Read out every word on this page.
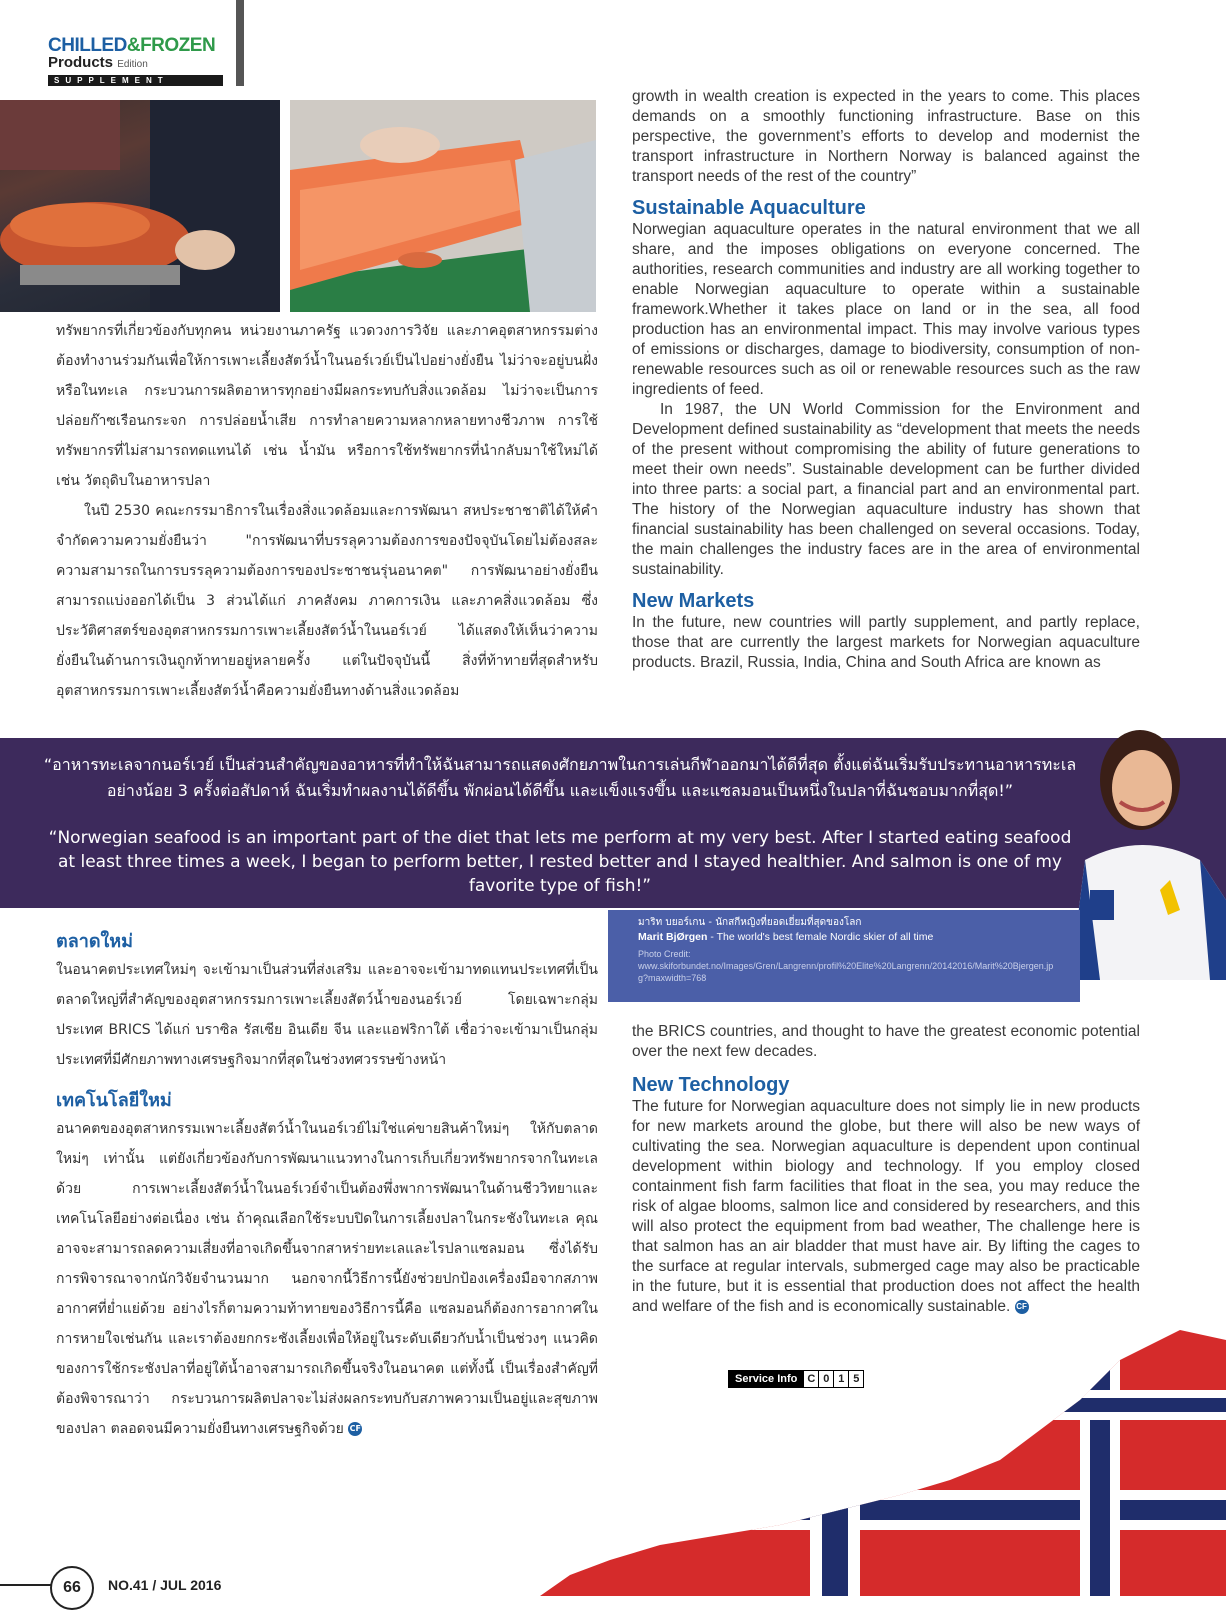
CHILLED&FROZEN
Products Edition
SUPPLEMENT

ทรัพยากรที่เกี่ยวข้องกับทุกคน หน่วยงานภาครัฐ แวดวงการวิจัย และภาคอุตสาหกรรมต่างต้องทำงานร่วมกันเพื่อให้การเพาะเลี้ยงสัตว์น้ำในนอร์เวย์เป็นไปอย่างยั่งยืน ไม่ว่าจะอยู่บนฝั่งหรือในทะเล กระบวนการผลิตอาหารทุกอย่างมีผลกระทบกับสิ่งแวดล้อม ไม่ว่าจะเป็นการปล่อยก๊าซเรือนกระจก การปล่อยน้ำเสีย การทำลายความหลากหลายทางชีวภาพ การใช้ทรัพยากรที่ไม่สามารถทดแทนได้ เช่น น้ำมัน หรือการใช้ทรัพยากรที่นำกลับมาใช้ใหม่ได้ เช่น วัตถุดิบในอาหารปลา

ในปี 2530 คณะกรรมาธิการในเรื่องสิ่งแวดล้อมและการพัฒนา สหประชาชาติได้ให้คำจำกัดความความยั่งยืนว่า "การพัฒนาที่บรรลุความต้องการของปัจจุบันโดยไม่ต้องสละความสามารถในการบรรลุความต้องการของประชาชนรุ่นอนาคต" การพัฒนาอย่างยั่งยืนสามารถแบ่งออกได้เป็น 3 ส่วนได้แก่ ภาคสังคม ภาคการเงิน และภาคสิ่งแวดล้อม ซึ่งประวัติศาสตร์ของอุตสาหกรรมการเพาะเลี้ยงสัตว์น้ำในนอร์เวย์ ได้แสดงให้เห็นว่าความยั่งยืนในด้านการเงินถูกท้าทายอยู่หลายครั้ง แต่ในปัจจุบันนี้ สิ่งที่ท้าทายที่สุดสำหรับอุตสาหกรรมการเพาะเลี้ยงสัตว์น้ำคือความยั่งยืนทางด้านสิ่งแวดล้อม

growth in wealth creation is expected in the years to come. This places demands on a smoothly functioning infrastructure. Base on this perspective, the government’s efforts to develop and modernist the transport infrastructure in Northern Norway is balanced against the transport needs of the rest of the country”

Sustainable Aquaculture

Norwegian aquaculture operates in the natural environment that we all share, and the imposes obligations on everyone concerned. The authorities, research communities and industry are all working together to enable Norwegian aquaculture to operate within a sustainable framework.Whether it takes place on land or in the sea, all food production has an environmental impact. This may involve various types of emissions or discharges, damage to biodiversity, consumption of non-renewable resources such as oil or renewable resources such as the raw ingredients of feed.

In 1987, the UN World Commission for the Environment and Development defined sustainability as “development that meets the needs of the present without compromising the ability of future generations to meet their own needs”. Sustainable development can be further divided into three parts: a social part, a financial part and an environmental part. The history of the Norwegian aquaculture industry has shown that financial sustainability has been challenged on several occasions. Today, the main challenges the industry faces are in the area of environmental sustainability.

New Markets

In the future, new countries will partly supplement, and partly replace, those that are currently the largest markets for Norwegian aquaculture products. Brazil, Russia, India, China and South Africa are known as

“อาหารทะเลจากนอร์เวย์ เป็นส่วนสำคัญของอาหารที่ทำให้ฉันสามารถแสดงศักยภาพในการเล่นกีฬาออกมาได้ดีที่สุด ตั้งแต่ฉันเริ่มรับประทานอาหารทะเลอย่างน้อย 3 ครั้งต่อสัปดาห์ ฉันเริ่มทำผลงานได้ดีขึ้น พักผ่อนได้ดีขึ้น และแข็งแรงขึ้น และแซลมอนเป็นหนึ่งในปลาที่ฉันชอบมากที่สุด!”
“Norwegian seafood is an important part of the diet that lets me perform at my very best. After I started eating seafood at least three times a week, I began to perform better, I rested better and I stayed healthier. And salmon is one of my favorite type of fish!”
มาริท บยอร์เกน - นักสกีหญิงที่ยอดเยี่ยมที่สุดของโลก
Marit BjØrgen - The world's best female Nordic skier of all time
Photo Credit:
www.skiforbundet.no/Images/Gren/Langrenn/profil%20Elite%20Langrenn/20142016/Marit%20Bjergen.jpg?maxwidth=768
ตลาดใหม่

ในอนาคตประเทศใหม่ๆ จะเข้ามาเป็นส่วนที่ส่งเสริม และอาจจะเข้ามาทดแทนประเทศที่เป็นตลาดใหญ่ที่สำคัญของอุตสาหกรรมการเพาะเลี้ยงสัตว์น้ำของนอร์เวย์ โดยเฉพาะกลุ่มประเทศ BRICS ได้แก่ บราซิล รัสเซีย อินเดีย จีน และแอฟริกาใต้ เชื่อว่าจะเข้ามาเป็นกลุ่มประเทศที่มีศักยภาพทางเศรษฐกิจมากที่สุดในช่วงทศวรรษข้างหน้า

เทคโนโลยีใหม่

อนาคตของอุตสาหกรรมเพาะเลี้ยงสัตว์น้ำในนอร์เวย์ไม่ใช่แค่ขายสินค้าใหม่ๆ ให้กับตลาดใหม่ๆ เท่านั้น แต่ยังเกี่ยวข้องกับการพัฒนาแนวทางในการเก็บเกี่ยวทรัพยากรจากในทะเลด้วย การเพาะเลี้ยงสัตว์น้ำในนอร์เวย์จำเป็นต้องพึ่งพาการพัฒนาในด้านชีววิทยาและเทคโนโลยีอย่างต่อเนื่อง เช่น ถ้าคุณเลือกใช้ระบบปิดในการเลี้ยงปลาในกระชังในทะเล คุณอาจจะสามารถลดความเสี่ยงที่อาจเกิดขึ้นจากสาหร่ายทะเลและไรปลาแซลมอน ซึ่งได้รับการพิจารณาจากนักวิจัยจำนวนมาก นอกจากนี้วิธีการนี้ยังช่วยปกป้องเครื่องมือจากสภาพอากาศที่ย่ำแย่ด้วย อย่างไรก็ตามความท้าทายของวิธีการนี้คือ แซลมอนก็ต้องการอากาศในการหายใจเช่นกัน และเราต้องยกกระชังเลี้ยงเพื่อให้อยู่ในระดับเดียวกับน้ำเป็นช่วงๆ แนวคิดของการใช้กระชังปลาที่อยู่ใต้น้ำอาจสามารถเกิดขึ้นจริงในอนาคต แต่ทั้งนี้ เป็นเรื่องสำคัญที่ต้องพิจารณาว่า กระบวนการผลิตปลาจะไม่ส่งผลกระทบกับสภาพความเป็นอยู่และสุขภาพของปลา ตลอดจนมีความยั่งยืนทางเศรษฐกิจด้วย CF

the BRICS countries, and thought to have the greatest economic potential over the next few decades.

New Technology

The future for Norwegian aquaculture does not simply lie in new products for new markets around the globe, but there will also be new ways of cultivating the sea. Norwegian aquaculture is dependent upon continual development within biology and technology. If you employ closed containment fish farm facilities that float in the sea, you may reduce the risk of algae blooms, salmon lice and considered by researchers, and this will also protect the equipment from bad weather, The challenge here is that salmon has an air bladder that must have air. By lifting the cages to the surface at regular intervals, submerged cage may also be practicable in the future, but it is essential that production does not affect the health and welfare of the fish and is economically sustainable. CF

Service Info C 0 1 5
66	NO.41 / JUL 2016
